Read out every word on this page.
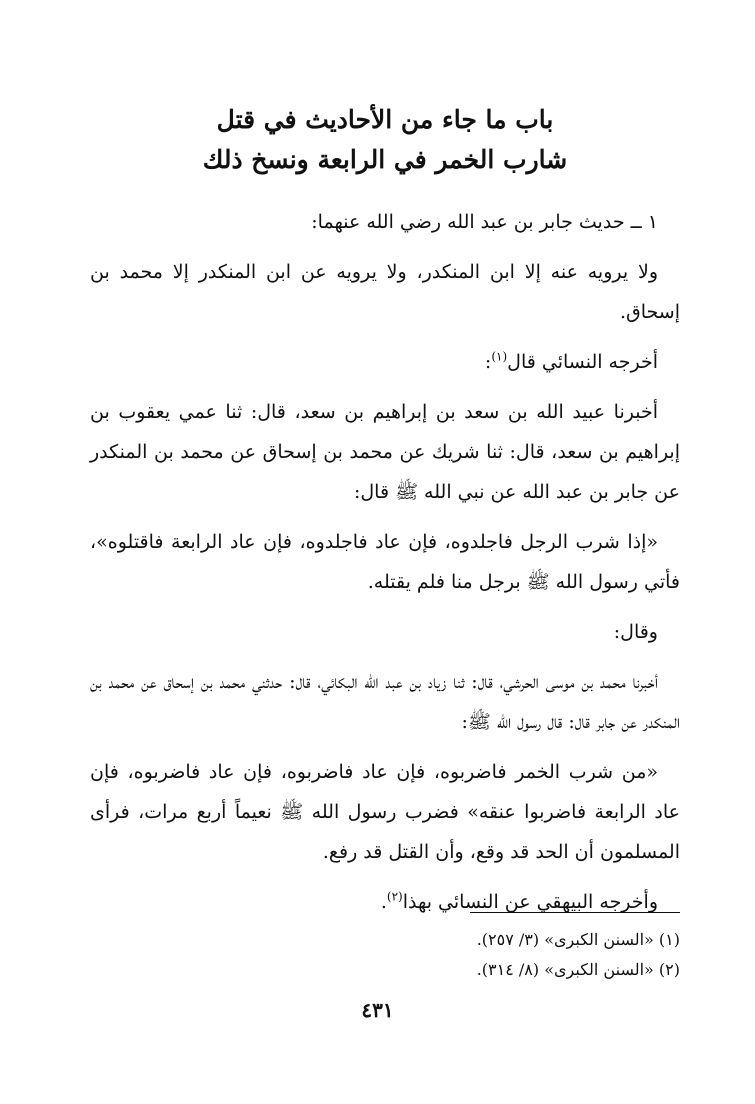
باب ما جاء من الأحاديث في قتل
شارب الخمر في الرابعة ونسخ ذلك

١ ــ حديث جابر بن عبد الله رضي الله عنهما:

ولا يرويه عنه إلا ابن المنكدر، ولا يرويه عن ابن المنكدر إلا محمد بن إسحاق.

أخرجه النسائي قال$^{(١)}$:

أخبرنا عبيد الله بن سعد بن إبراهيم بن سعد، قال: ثنا عمي يعقوب بن إبراهيم بن سعد، قال: ثنا شريك عن محمد بن إسحاق عن محمد بن المنكدر عن جابر بن عبد الله عن نبي الله ﷺ قال:

«إذا شرب الرجل فاجلدوه، فإن عاد فاجلدوه، فإن عاد الرابعة فاقتلوه»، فأتي رسول الله ﷺ برجل منا فلم يقتله.

وقال:

أخبرنا محمد بن موسى الحرشي، قال: ثنا زياد بن عبد الله البكائي، قال: حدثني محمد بن إسحاق عن محمد بن المنكدر عن جابر قال: قال رسول الله ﷺ:

«من شرب الخمر فاضربوه، فإن عاد فاضربوه، فإن عاد فاضربوه، فإن عاد الرابعة فاضربوا عنقه» فضرب رسول الله ﷺ نعيماً أربع مرات، فرأى المسلمون أن الحد قد وقع، وأن القتل قد رفع.

وأخرجه البيهقي عن النسائي بهذا$^{(٢)}$.

(١) «السنن الكبرى» (٣/ ٢٥٧).
(٢) «السنن الكبرى» (٨/ ٣١٤).
٤٣١
